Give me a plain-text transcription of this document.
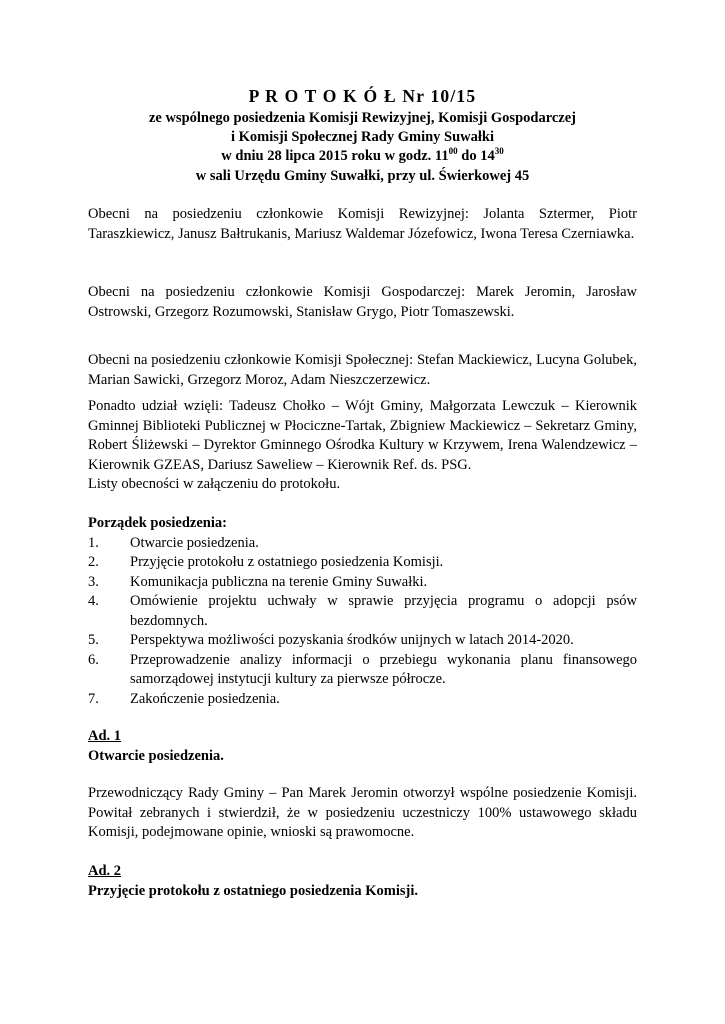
P R O T O K Ó Ł Nr 10/15
ze wspólnego posiedzenia Komisji Rewizyjnej, Komisji Gospodarczej
i Komisji Społecznej Rady Gminy Suwałki
w dniu 28 lipca 2015 roku w godz. $11^{00}$ do $14^{30}$
w sali Urzędu Gminy Suwałki, przy ul. Świerkowej 45

Obecni na posiedzeniu członkowie Komisji Rewizyjnej: Jolanta Sztermer, Piotr Taraszkiewicz, Janusz Bałtrukanis, Mariusz Waldemar Józefowicz, Iwona Teresa Czerniawka.

Obecni na posiedzeniu członkowie Komisji Gospodarczej: Marek Jeromin, Jarosław Ostrowski, Grzegorz Rozumowski, Stanisław Grygo, Piotr Tomaszewski.

Obecni na posiedzeniu członkowie Komisji Społecznej: Stefan Mackiewicz, Lucyna Golubek, Marian Sawicki, Grzegorz Moroz, Adam Nieszczerzewicz.

Ponadto udział wzięli: Tadeusz Chołko – Wójt Gminy, Małgorzata Lewczuk – Kierownik Gminnej Biblioteki Publicznej w Płociczne-Tartak, Zbigniew Mackiewicz – Sekretarz Gminy, Robert Śliżewski – Dyrektor Gminnego Ośrodka Kultury w Krzywem, Irena Walendzewicz – Kierownik GZEAS, Dariusz Saweliew – Kierownik Ref. ds. PSG.

Listy obecności w załączeniu do protokołu.

Porządek posiedzenia:
1.	Otwarcie posiedzenia.
2.	Przyjęcie protokołu z ostatniego posiedzenia Komisji.
3.	Komunikacja publiczna na terenie Gminy Suwałki.
4.	Omówienie projektu uchwały w sprawie przyjęcia programu o adopcji psów bezdomnych.
5.	Perspektywa możliwości pozyskania środków unijnych w latach 2014-2020.
6.	Przeprowadzenie analizy informacji o przebiegu wykonania planu finansowego samorządowej instytucji kultury za pierwsze półrocze.
7.	Zakończenie posiedzenia.
Ad. 1
Otwarcie posiedzenia.

Przewodniczący Rady Gminy – Pan Marek Jeromin otworzył wspólne posiedzenie Komisji. Powitał zebranych i stwierdził, że w posiedzeniu uczestniczy 100% ustawowego składu Komisji, podejmowane opinie, wnioski są prawomocne.

Ad. 2
Przyjęcie protokołu z ostatniego posiedzenia Komisji.
